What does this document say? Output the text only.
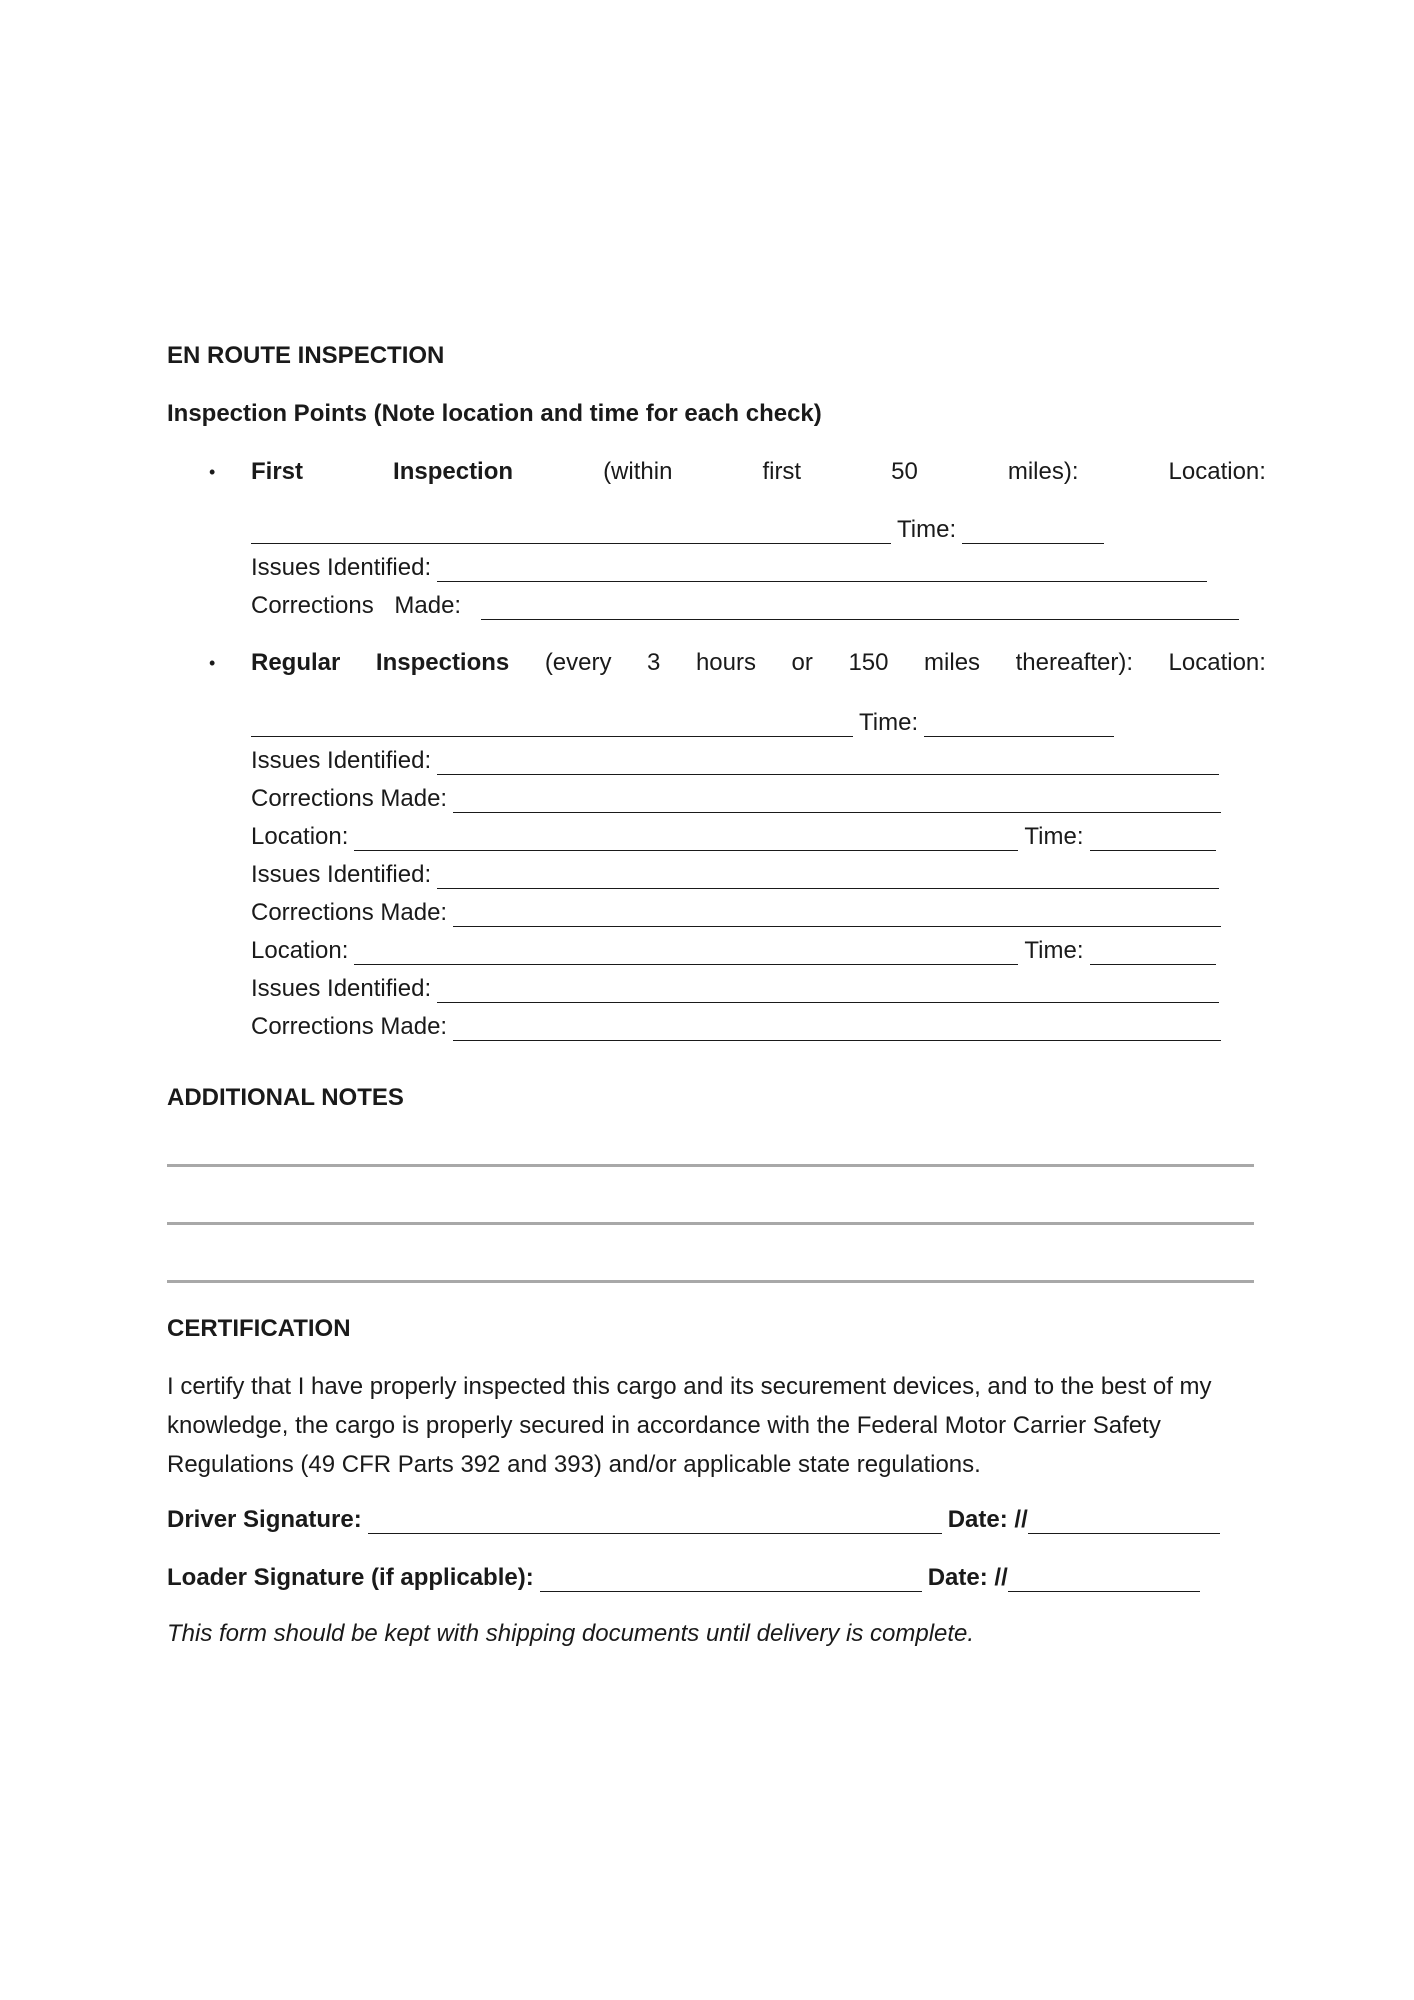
EN ROUTE INSPECTION
Inspection Points (Note location and time for each check)
• First	Inspection	(within	first	50	miles):	Location:
Time:
Issues Identified:
Corrections Made:
• Regular Inspections (every 3 hours or 150 miles thereafter): Location:
Time:
Issues Identified:
Corrections Made:
Location:	Time:
Issues Identified:
Corrections Made:
Location:	Time:
Issues Identified:
Corrections Made:
ADDITIONAL NOTES
CERTIFICATION
I certify that I have properly inspected this cargo and its securement devices, and to the best of my knowledge, the cargo is properly secured in accordance with the Federal Motor Carrier Safety Regulations (49 CFR Parts 392 and 393) and/or applicable state regulations.
Driver Signature:	Date: //
Loader Signature (if applicable):	Date: //
This form should be kept with shipping documents until delivery is complete.
